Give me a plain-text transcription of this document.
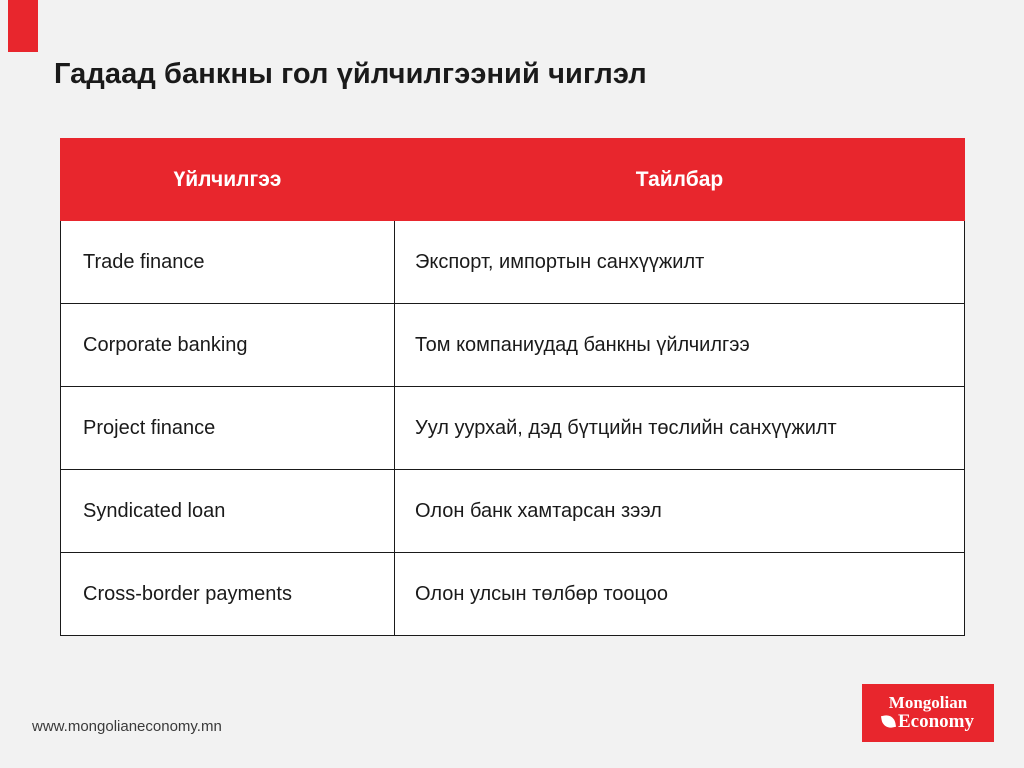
Гадаад банкны гол үйлчилгээний чиглэл
Үйлчилгээ	Тайлбар
Trade finance	Экспорт, импортын санхүүжилт
Corporate banking	Том компаниудад банкны үйлчилгээ
Project finance	Уул уурхай, дэд бүтцийн төслийн санхүүжилт
Syndicated loan	Олон банк хамтарсан зээл
Cross-border payments	Олон улсын төлбөр тооцоо
www.mongolianeconomy.mn
Mongolian
Economy
